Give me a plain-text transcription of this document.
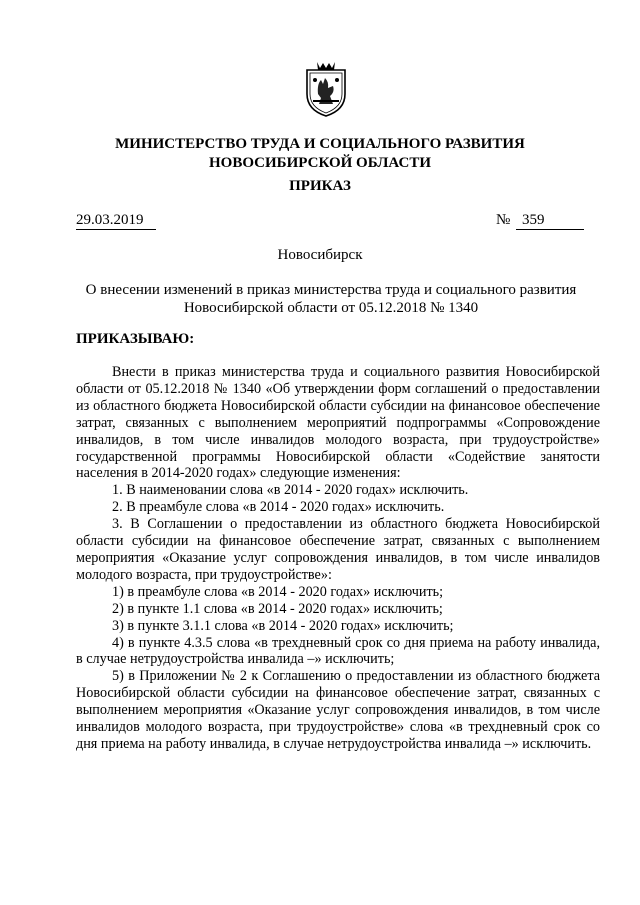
МИНИСТЕРСТВО ТРУДА И СОЦИАЛЬНОГО РАЗВИТИЯ
НОВОСИБИРСКОЙ ОБЛАСТИ
ПРИКАЗ
29.03.2019	№ 359
Новосибирск
О внесении изменений в приказ министерства труда и социального развития
Новосибирской области от 05.12.2018 № 1340
ПРИКАЗЫВАЮ:

Внести в приказ министерства труда и социального развития Новосибирской области от 05.12.2018 № 1340 «Об утверждении форм соглашений о предоставлении из областного бюджета Новосибирской области субсидии на финансовое обеспечение затрат, связанных с выполнением мероприятий подпрограммы «Сопровождение инвалидов, в том числе инвалидов молодого возраста, при трудоустройстве» государственной программы Новосибирской области «Содействие занятости населения в 2014-2020 годах» следующие изменения:

1. В наименовании слова «в 2014 - 2020 годах» исключить.

2. В преамбуле слова «в 2014 - 2020 годах» исключить.

3. В Соглашении о предоставлении из областного бюджета Новосибирской области субсидии на финансовое обеспечение затрат, связанных с выполнением мероприятия «Оказание услуг сопровождения инвалидов, в том числе инвалидов молодого возраста, при трудоустройстве»:

1) в преамбуле слова «в 2014 - 2020 годах» исключить;

2) в пункте 1.1 слова «в 2014 - 2020 годах» исключить;

3) в пункте 3.1.1 слова «в 2014 - 2020 годах» исключить;

4) в пункте 4.3.5 слова «в трехдневный срок со дня приема на работу инвалида, в случае нетрудоустройства инвалида –» исключить;

5) в Приложении № 2 к Соглашению о предоставлении из областного бюджета Новосибирской области субсидии на финансовое обеспечение затрат, связанных с выполнением мероприятия «Оказание услуг сопровождения инвалидов, в том числе инвалидов молодого возраста, при трудоустройстве» слова «в трехдневный срок со дня приема на работу инвалида, в случае нетрудоустройства инвалида –» исключить.
